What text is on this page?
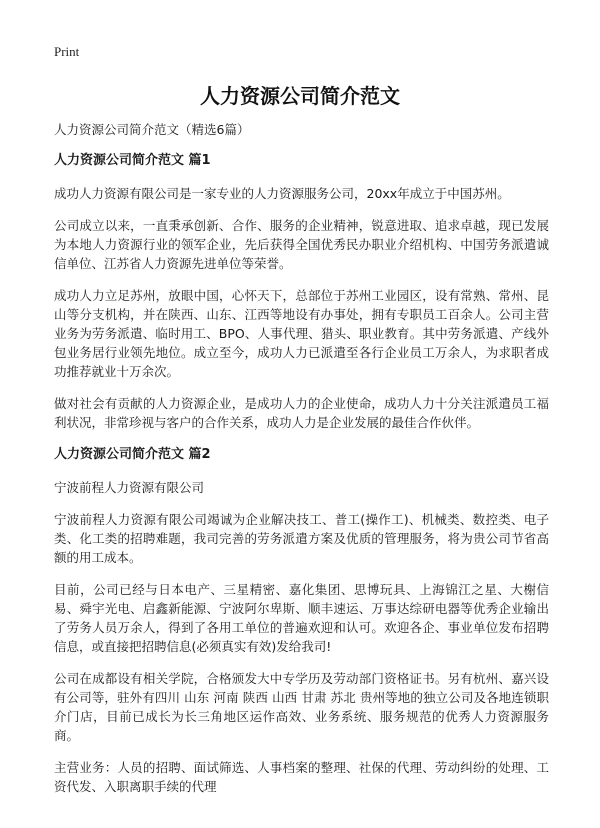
Print
人力资源公司简介范文

人力资源公司简介范文（精选6篇）

人力资源公司简介范文 篇1

成功人力资源有限公司是一家专业的人力资源服务公司，20xx年成立于中国苏州。

公司成立以来，一直秉承创新、合作、服务的企业精神，锐意进取、追求卓越，现已发展为本地人力资源行业的领军企业，先后获得全国优秀民办职业介绍机构、中国劳务派遣诚信单位、江苏省人力资源先进单位等荣誉。

成功人力立足苏州，放眼中国，心怀天下，总部位于苏州工业园区，设有常熟、常州、昆山等分支机构，并在陕西、山东、江西等地设有办事处，拥有专职员工百余人。公司主营业务为劳务派遣、临时用工、BPO、人事代理、猎头、职业教育。其中劳务派遣、产线外包业务居行业领先地位。成立至今，成功人力已派遣至各行企业员工万余人，为求职者成功推荐就业十万余次。

做对社会有贡献的人力资源企业，是成功人力的企业使命，成功人力十分关注派遣员工福利状况，非常珍视与客户的合作关系，成功人力是企业发展的最佳合作伙伴。

人力资源公司简介范文 篇2

宁波前程人力资源有限公司

宁波前程人力资源有限公司竭诚为企业解决技工、普工(操作工)、机械类、数控类、电子类、化工类的招聘难题，我司完善的劳务派遣方案及优质的管理服务，将为贵公司节省高额的用工成本。

目前，公司已经与日本电产、三星精密、嘉化集团、思博玩具、上海锦江之星、大榭信易、舜宇光电、启鑫新能源、宁波阿尔卑斯、顺丰速运、万事达综研电器等优秀企业输出了劳务人员万余人，得到了各用工单位的普遍欢迎和认可。欢迎各企、事业单位发布招聘信息，或直接把招聘信息(必须真实有效)发给我司!

公司在成都设有相关学院，合格颁发大中专学历及劳动部门资格证书。另有杭州、嘉兴设有公司等，驻外有四川 山东 河南 陕西 山西 甘肃 苏北 贵州等地的独立公司及各地连锁职介门店，目前已成长为长三角地区运作高效、业务系统、服务规范的优秀人力资源服务商。

主营业务：人员的招聘、面试筛选、人事档案的整理、社保的代理、劳动纠纷的处理、工资代发、入职离职手续的代理
